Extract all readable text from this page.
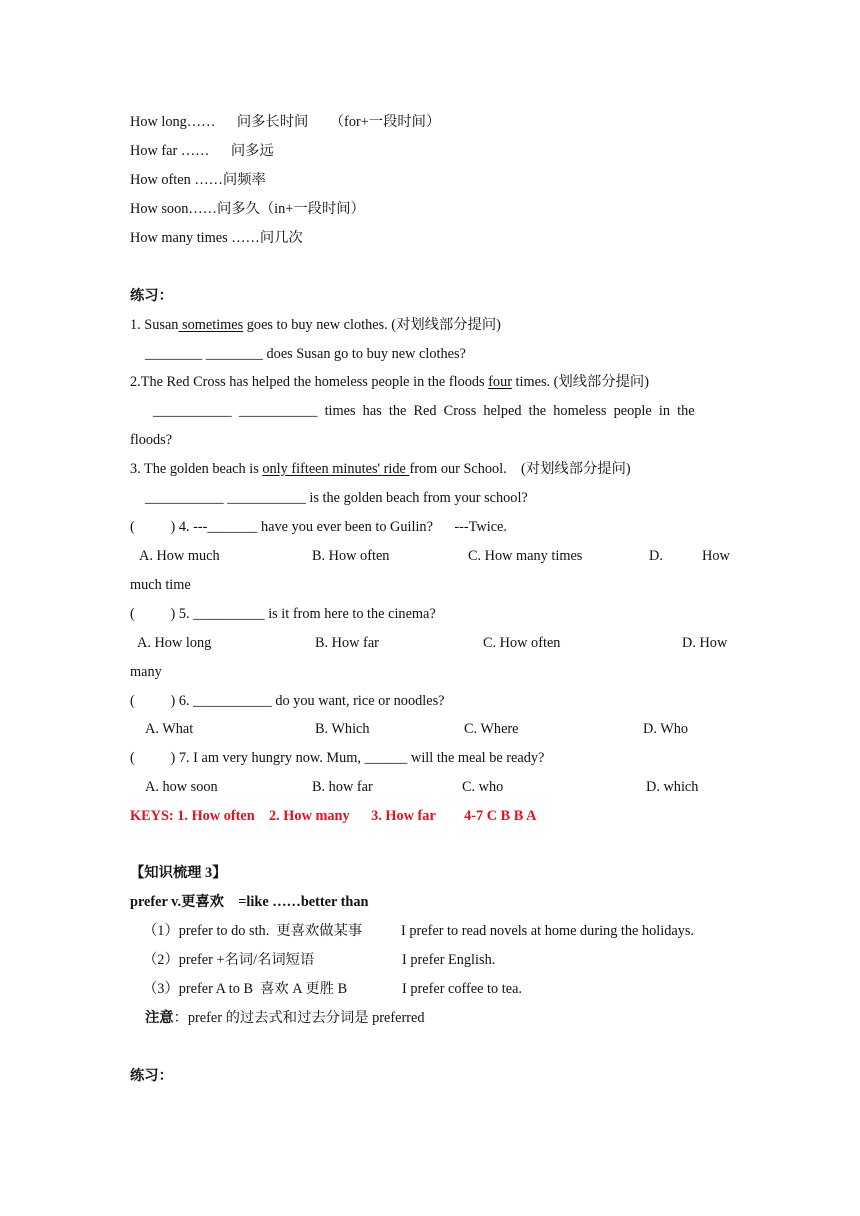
How long……      问多长时间      （for+一段时间）
How far ……      问多远
How often ……问频率
How soon……问多久（in+一段时间）
How many times ……问几次
练习：
1. Susan sometimes goes to buy new clothes. (对划线部分提问)
________ ________ does Susan go to buy new clothes?
2.The Red Cross has helped the homeless people in the floods four times. (划线部分提问)
___________  ___________  times  has  the  Red  Cross  helped  the  homeless  people  in  the
floods?
3. The golden beach is only fifteen minutes' ride from our School.    (对划线部分提问)
___________ ___________ is the golden beach from your school?
(          ) 4. ---_______ have you ever been to Guilin?      ---Twice.
A. How much	B. How often	C. How many times	D.	How
much time
(          ) 5. __________ is it from here to the cinema?
A. How long	B. How far	C. How often	D. How
many
(          ) 6. ___________ do you want, rice or noodles?
A. What	B. Which	C. Where	D. Who
(          ) 7. I am very hungry now. Mum, ______ will the meal be ready?
A. how soon	B. how far	C. who	D. which
KEYS: 1. How often    2. How many      3. How far        4-7 C B B A
【知识梳理 3】
prefer v.更喜欢    =like ……better than
（1）prefer to do sth.  更喜欢做某事	I prefer to read novels at home during the holidays.
（2）prefer +名词/名词短语	I prefer English.
（3）prefer A to B  喜欢 A 更胜 B	I prefer coffee to tea.
注意：prefer 的过去式和过去分词是 preferred
练习：
